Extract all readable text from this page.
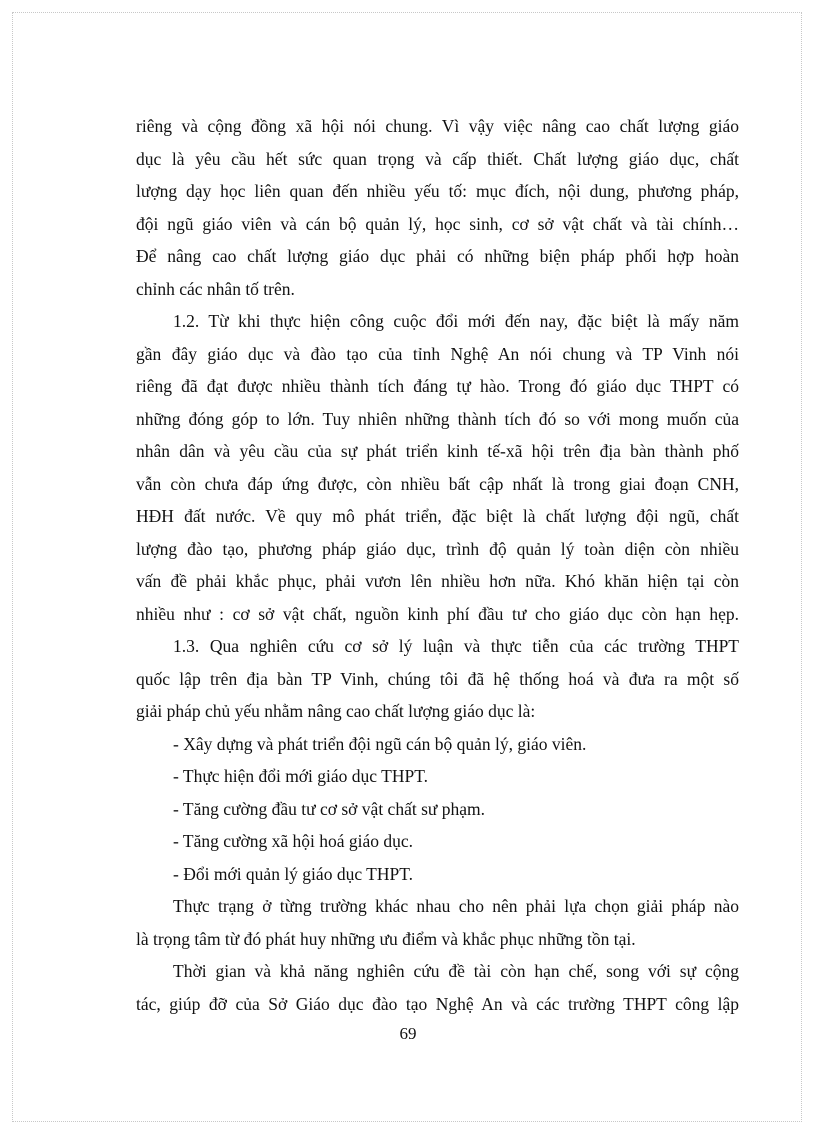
riêng và cộng đồng xã hội nói chung. Vì vậy việc nâng cao chất lượng giáo
dục là yêu cầu hết sức quan trọng và cấp thiết. Chất lượng giáo dục, chất
lượng dạy học liên quan đến nhiều yếu tố: mục đích, nội dung, phương pháp,
đội ngũ giáo viên và cán bộ quản lý, học sinh, cơ sở vật chất và tài chính…
Để nâng cao chất lượng giáo dục phải có những biện pháp phối hợp hoàn
chỉnh các nhân tố trên.
1.2. Từ khi thực hiện công cuộc đổi mới đến nay, đặc biệt là mấy năm
gần đây giáo dục và đào tạo của tỉnh Nghệ An nói chung và TP Vinh nói
riêng đã đạt được nhiều thành tích đáng tự hào. Trong đó giáo dục THPT có
những đóng góp to lớn. Tuy nhiên những thành tích đó so với mong muốn của
nhân dân và yêu cầu của sự phát triển kinh tế-xã hội trên địa bàn thành phố
vẫn còn chưa đáp ứng được, còn nhiều bất cập nhất là trong giai đoạn CNH,
HĐH đất nước. Về quy mô phát triển, đặc biệt là chất lượng đội ngũ, chất
lượng đào tạo, phương pháp giáo dục, trình độ quản lý toàn diện còn nhiều
vấn đề phải khắc phục, phải vươn lên nhiều hơn nữa. Khó khăn hiện tại còn
nhiều như : cơ sở vật chất, nguồn kinh phí đầu tư cho giáo dục còn hạn hẹp.
1.3. Qua nghiên cứu cơ sở lý luận và thực tiễn của các trường THPT
quốc lập trên địa bàn TP Vinh, chúng tôi đã hệ thống hoá và đưa ra một số
giải pháp chủ yếu nhằm nâng cao chất lượng giáo dục là:
- Xây dựng và phát triển đội ngũ cán bộ quản lý, giáo viên.
- Thực hiện đổi mới giáo dục THPT.
- Tăng cường đầu tư cơ sở vật chất sư phạm.
- Tăng cường xã hội hoá giáo dục.
- Đổi mới quản lý giáo dục THPT.
Thực trạng ở từng trường khác nhau cho nên phải lựa chọn giải pháp nào
là trọng tâm từ đó phát huy những ưu điểm và khắc phục những tồn tại.
Thời gian và khả năng nghiên cứu đề tài còn hạn chế, song với sự cộng
tác, giúp đỡ của Sở Giáo dục đào tạo Nghệ An và các trường THPT công lập
69
